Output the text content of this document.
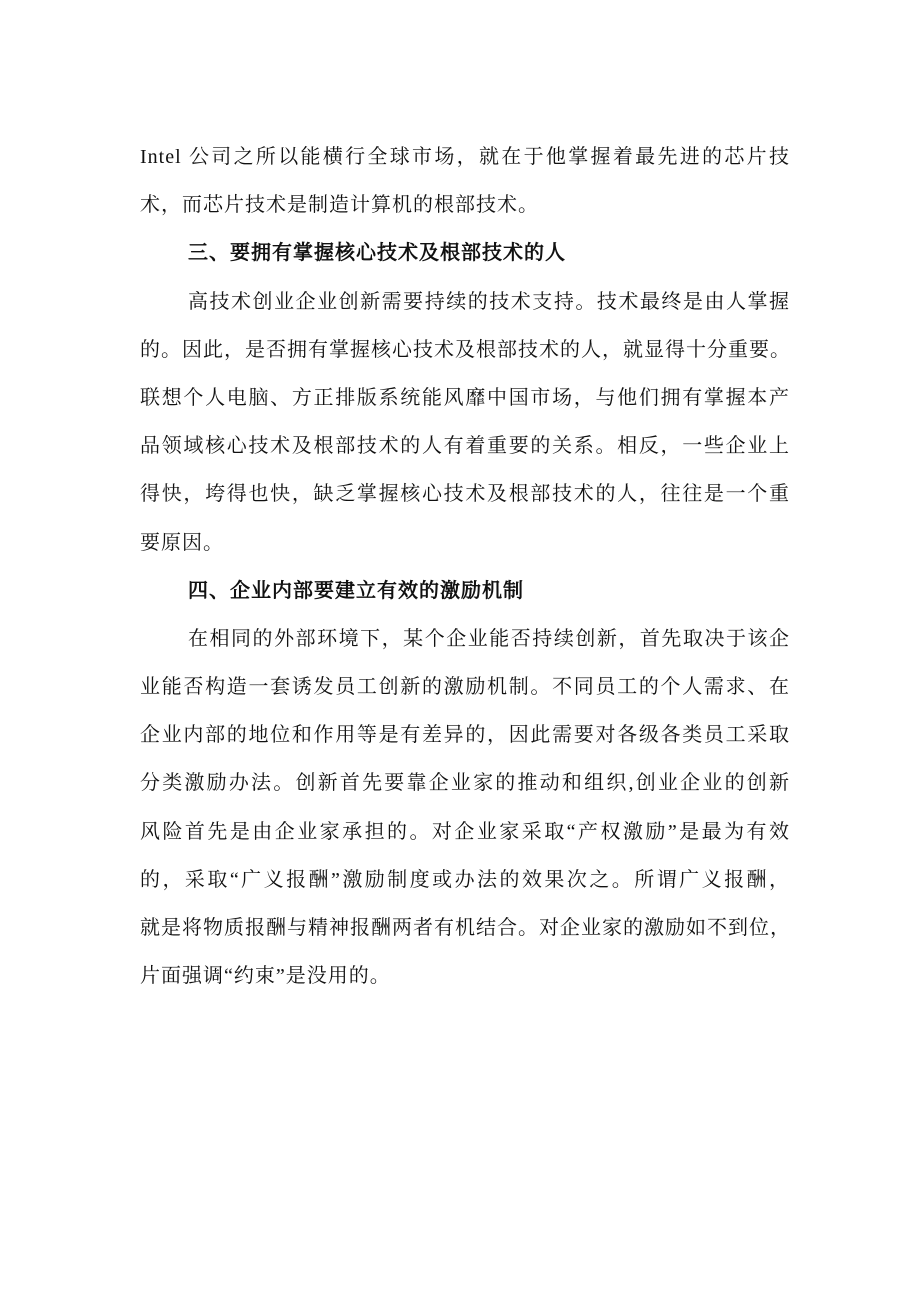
Intel 公司之所以能横行全球市场，就在于他掌握着最先进的芯片技
术，而芯片技术是制造计算机的根部技术。
三、要拥有掌握核心技术及根部技术的人
高技术创业企业创新需要持续的技术支持。技术最终是由人掌握
的。因此，是否拥有掌握核心技术及根部技术的人，就显得十分重要。
联想个人电脑、方正排版系统能风靡中国市场，与他们拥有掌握本产
品领域核心技术及根部技术的人有着重要的关系。相反，一些企业上
得快，垮得也快，缺乏掌握核心技术及根部技术的人，往往是一个重
要原因。
四、企业内部要建立有效的激励机制
在相同的外部环境下，某个企业能否持续创新，首先取决于该企
业能否构造一套诱发员工创新的激励机制。不同员工的个人需求、在
企业内部的地位和作用等是有差异的，因此需要对各级各类员工采取
分类激励办法。创新首先要靠企业家的推动和组织,创业企业的创新
风险首先是由企业家承担的。对企业家采取“产权激励”是最为有效
的，采取“广义报酬”激励制度或办法的效果次之。所谓广义报酬，
就是将物质报酬与精神报酬两者有机结合。对企业家的激励如不到位，
片面强调“约束”是没用的。
